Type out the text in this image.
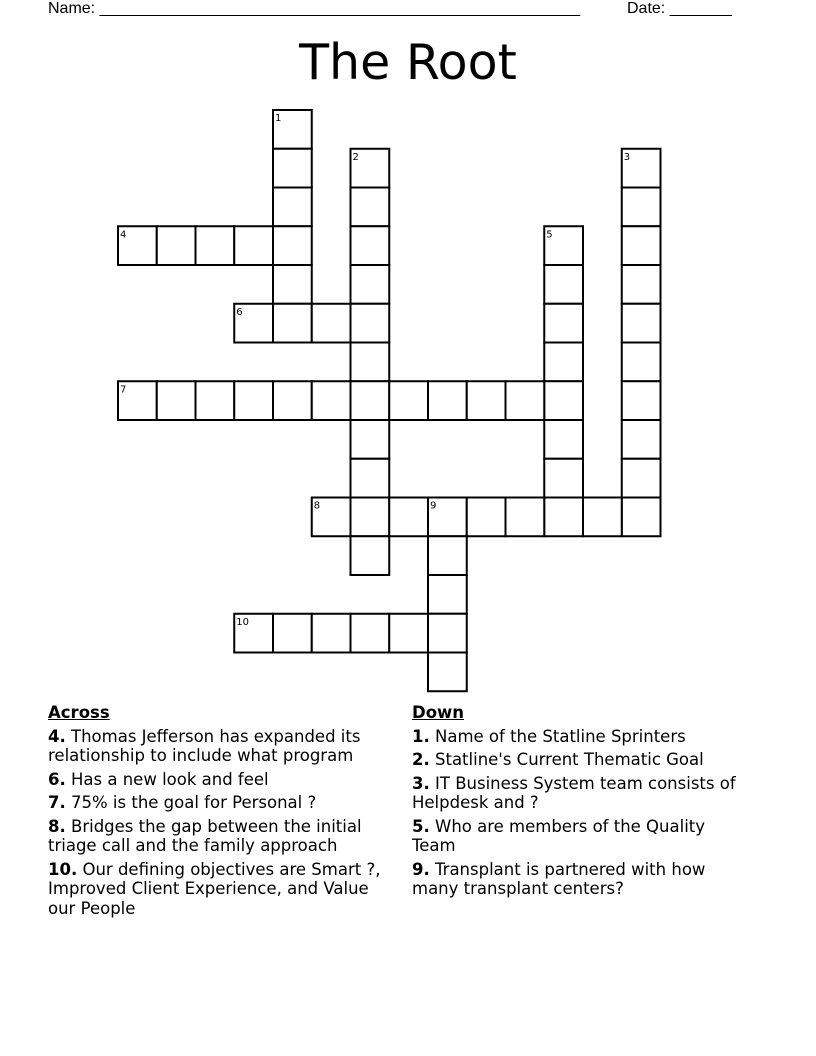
Name: ______________________________________________________	Date: _______
The Root
1
2	3
4	5
6
7
8	9
10
Across
4. Thomas Jefferson has expanded its relationship to include what program
6. Has a new look and feel
7. 75% is the goal for Personal ?
8. Bridges the gap between the initial triage call and the family approach
10. Our defining objectives are Smart ?, Improved Client Experience, and Value our People
Down
1. Name of the Statline Sprinters
2. Statline's Current Thematic Goal
3. IT Business System team consists of Helpdesk and ?
5. Who are members of the Quality Team
9. Transplant is partnered with how many transplant centers?
